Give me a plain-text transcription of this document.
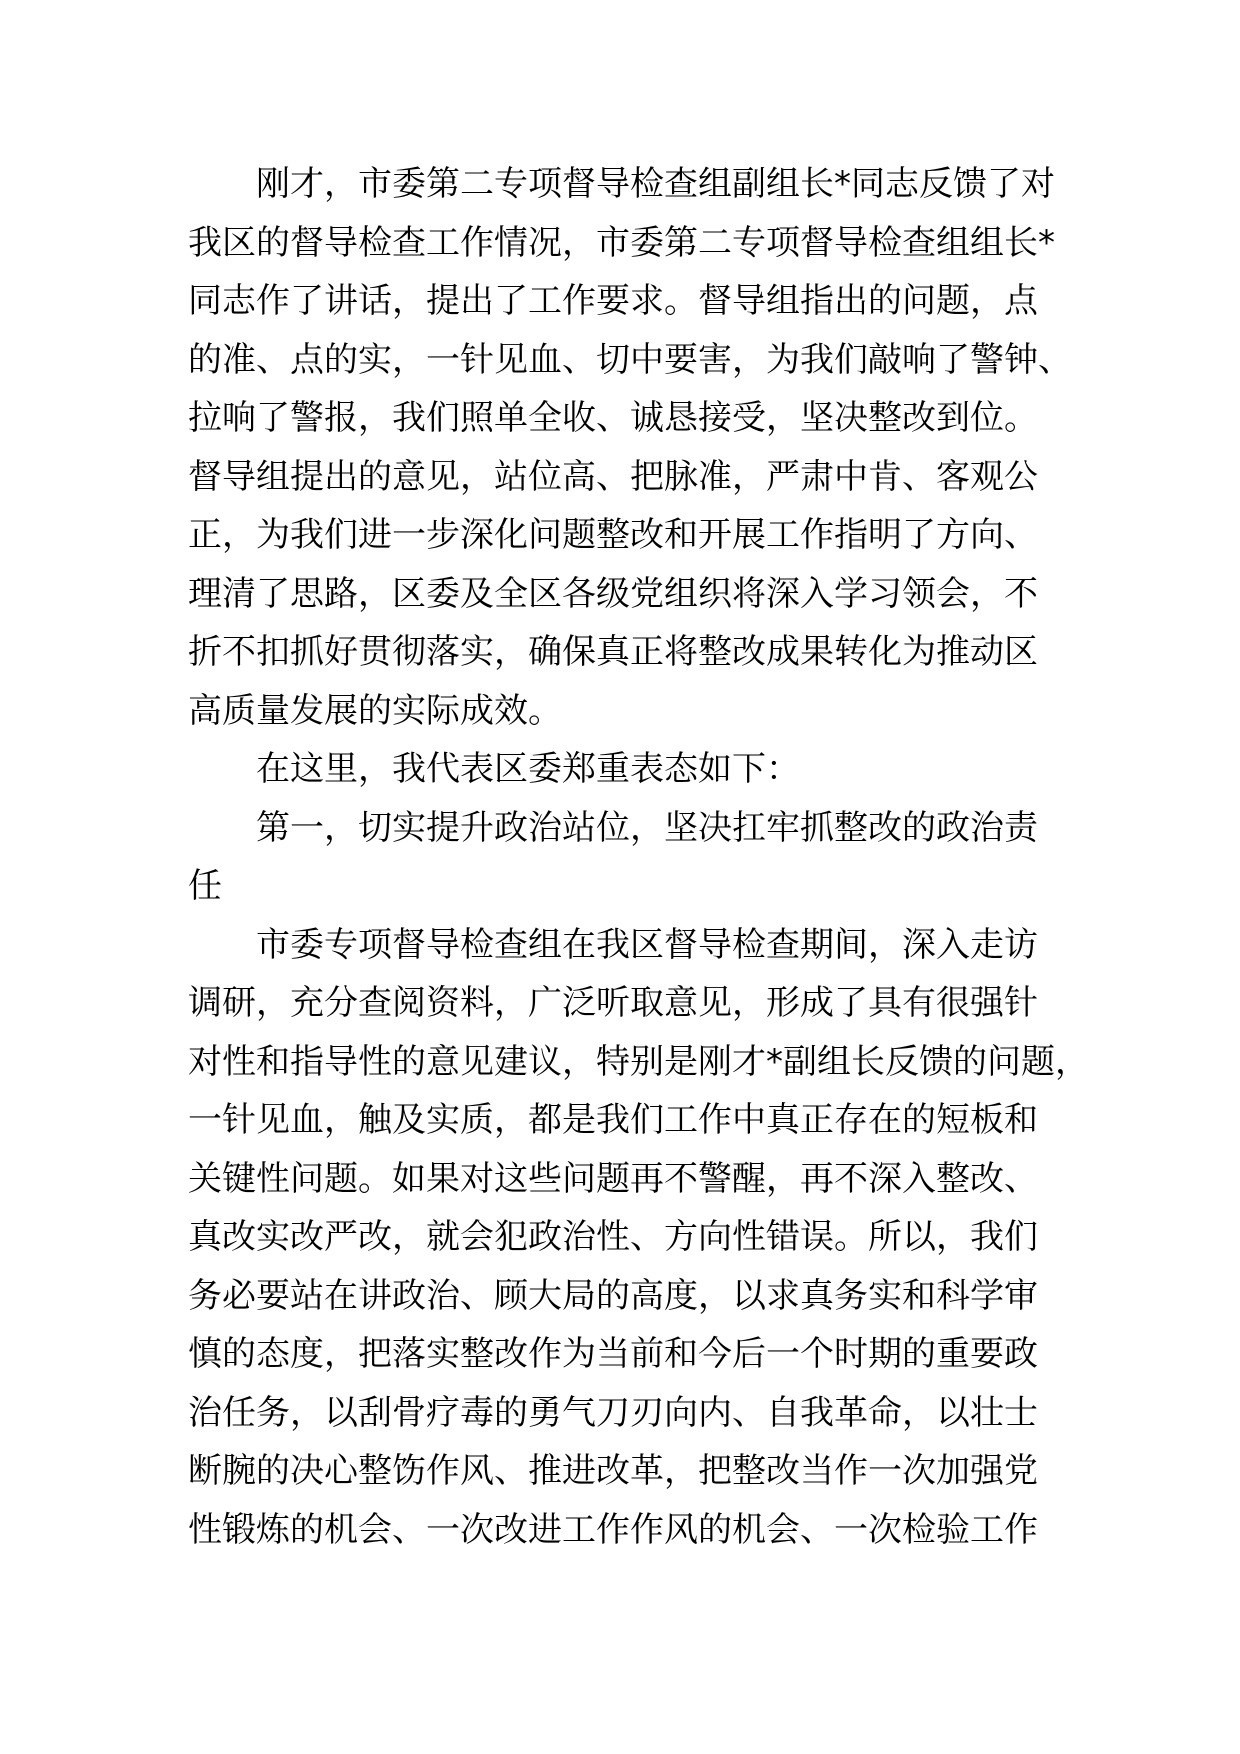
刚才，市委第二专项督导检查组副组长*同志反馈了对
我区的督导检查工作情况，市委第二专项督导检查组组长*
同志作了讲话，提出了工作要求。督导组指出的问题，点
的准、点的实，一针见血、切中要害，为我们敲响了警钟、
拉响了警报，我们照单全收、诚恳接受，坚决整改到位。
督导组提出的意见，站位高、把脉准，严肃中肯、客观公
正，为我们进一步深化问题整改和开展工作指明了方向、
理清了思路，区委及全区各级党组织将深入学习领会，不
折不扣抓好贯彻落实，确保真正将整改成果转化为推动区
高质量发展的实际成效。
在这里，我代表区委郑重表态如下：
第一，切实提升政治站位，坚决扛牢抓整改的政治责
任
市委专项督导检查组在我区督导检查期间，深入走访
调研，充分查阅资料，广泛听取意见，形成了具有很强针
对性和指导性的意见建议，特别是刚才*副组长反馈的问题，
一针见血，触及实质，都是我们工作中真正存在的短板和
关键性问题。如果对这些问题再不警醒，再不深入整改、
真改实改严改，就会犯政治性、方向性错误。所以，我们
务必要站在讲政治、顾大局的高度，以求真务实和科学审
慎的态度，把落实整改作为当前和今后一个时期的重要政
治任务，以刮骨疗毒的勇气刀刃向内、自我革命，以壮士
断腕的决心整饬作风、推进改革，把整改当作一次加强党
性锻炼的机会、一次改进工作作风的机会、一次检验工作
